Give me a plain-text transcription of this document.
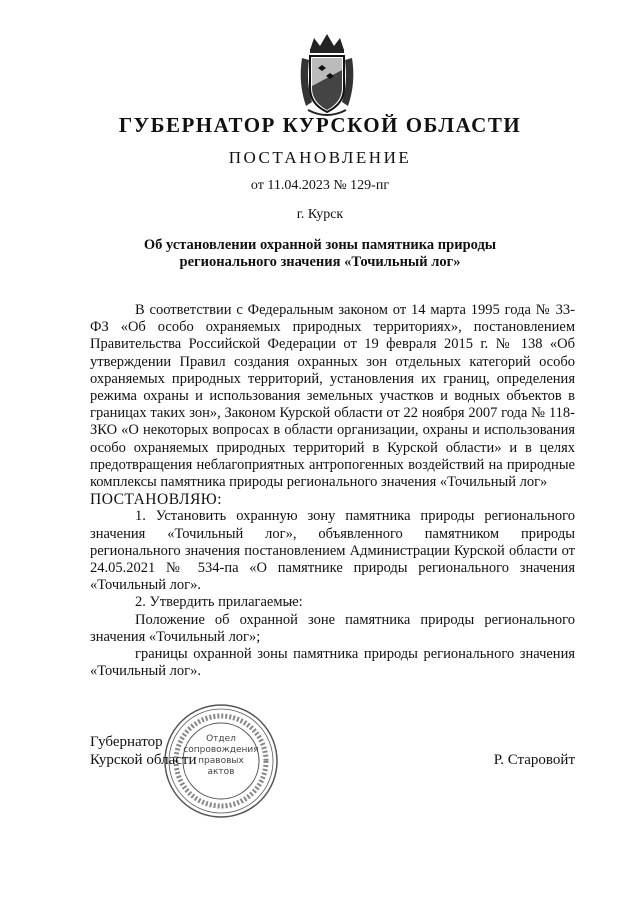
ГУБЕРНАТОР КУРСКОЙ ОБЛАСТИ
ПОСТАНОВЛЕНИЕ
от 11.04.2023 № 129-пг
г. Курск
Об установлении охранной зоны памятника природы регионального значения «Точильный лог»

В соответствии с Федеральным законом от 14 марта 1995 года № 33-ФЗ «Об особо охраняемых природных территориях», постановлением Правительства Российской Федерации от 19 февраля 2015 г. № 138 «Об утверждении Правил создания охранных зон отдельных категорий особо охраняемых природных территорий, установления их границ, определения режима охраны и использования земельных участков и водных объектов в границах таких зон», Законом Курской области от 22 ноября 2007 года № 118-ЗКО «О некоторых вопросах в области организации, охраны и использования особо охраняемых природных территорий в Курской области» и в целях предотвращения неблагоприятных антропогенных воздействий на природные комплексы памятника природы регионального значения «Точильный лог»

ПОСТАНОВЛЯЮ:

1. Установить охранную зону памятника природы регионального значения «Точильный лог», объявленного памятником природы регионального значения постановлением Администрации Курской области от 24.05.2021 № 534-па «О памятнике природы регионального значения «Точильный лог».

2. Утвердить прилагаемые:

Положение об охранной зоне памятника природы регионального значения «Точильный лог»;

границы охранной зоны памятника природы регионального значения «Точильный лог».

Отдел
сопровождения
правовых
актов
Губернатор
Курской области	Р. Старовойт
